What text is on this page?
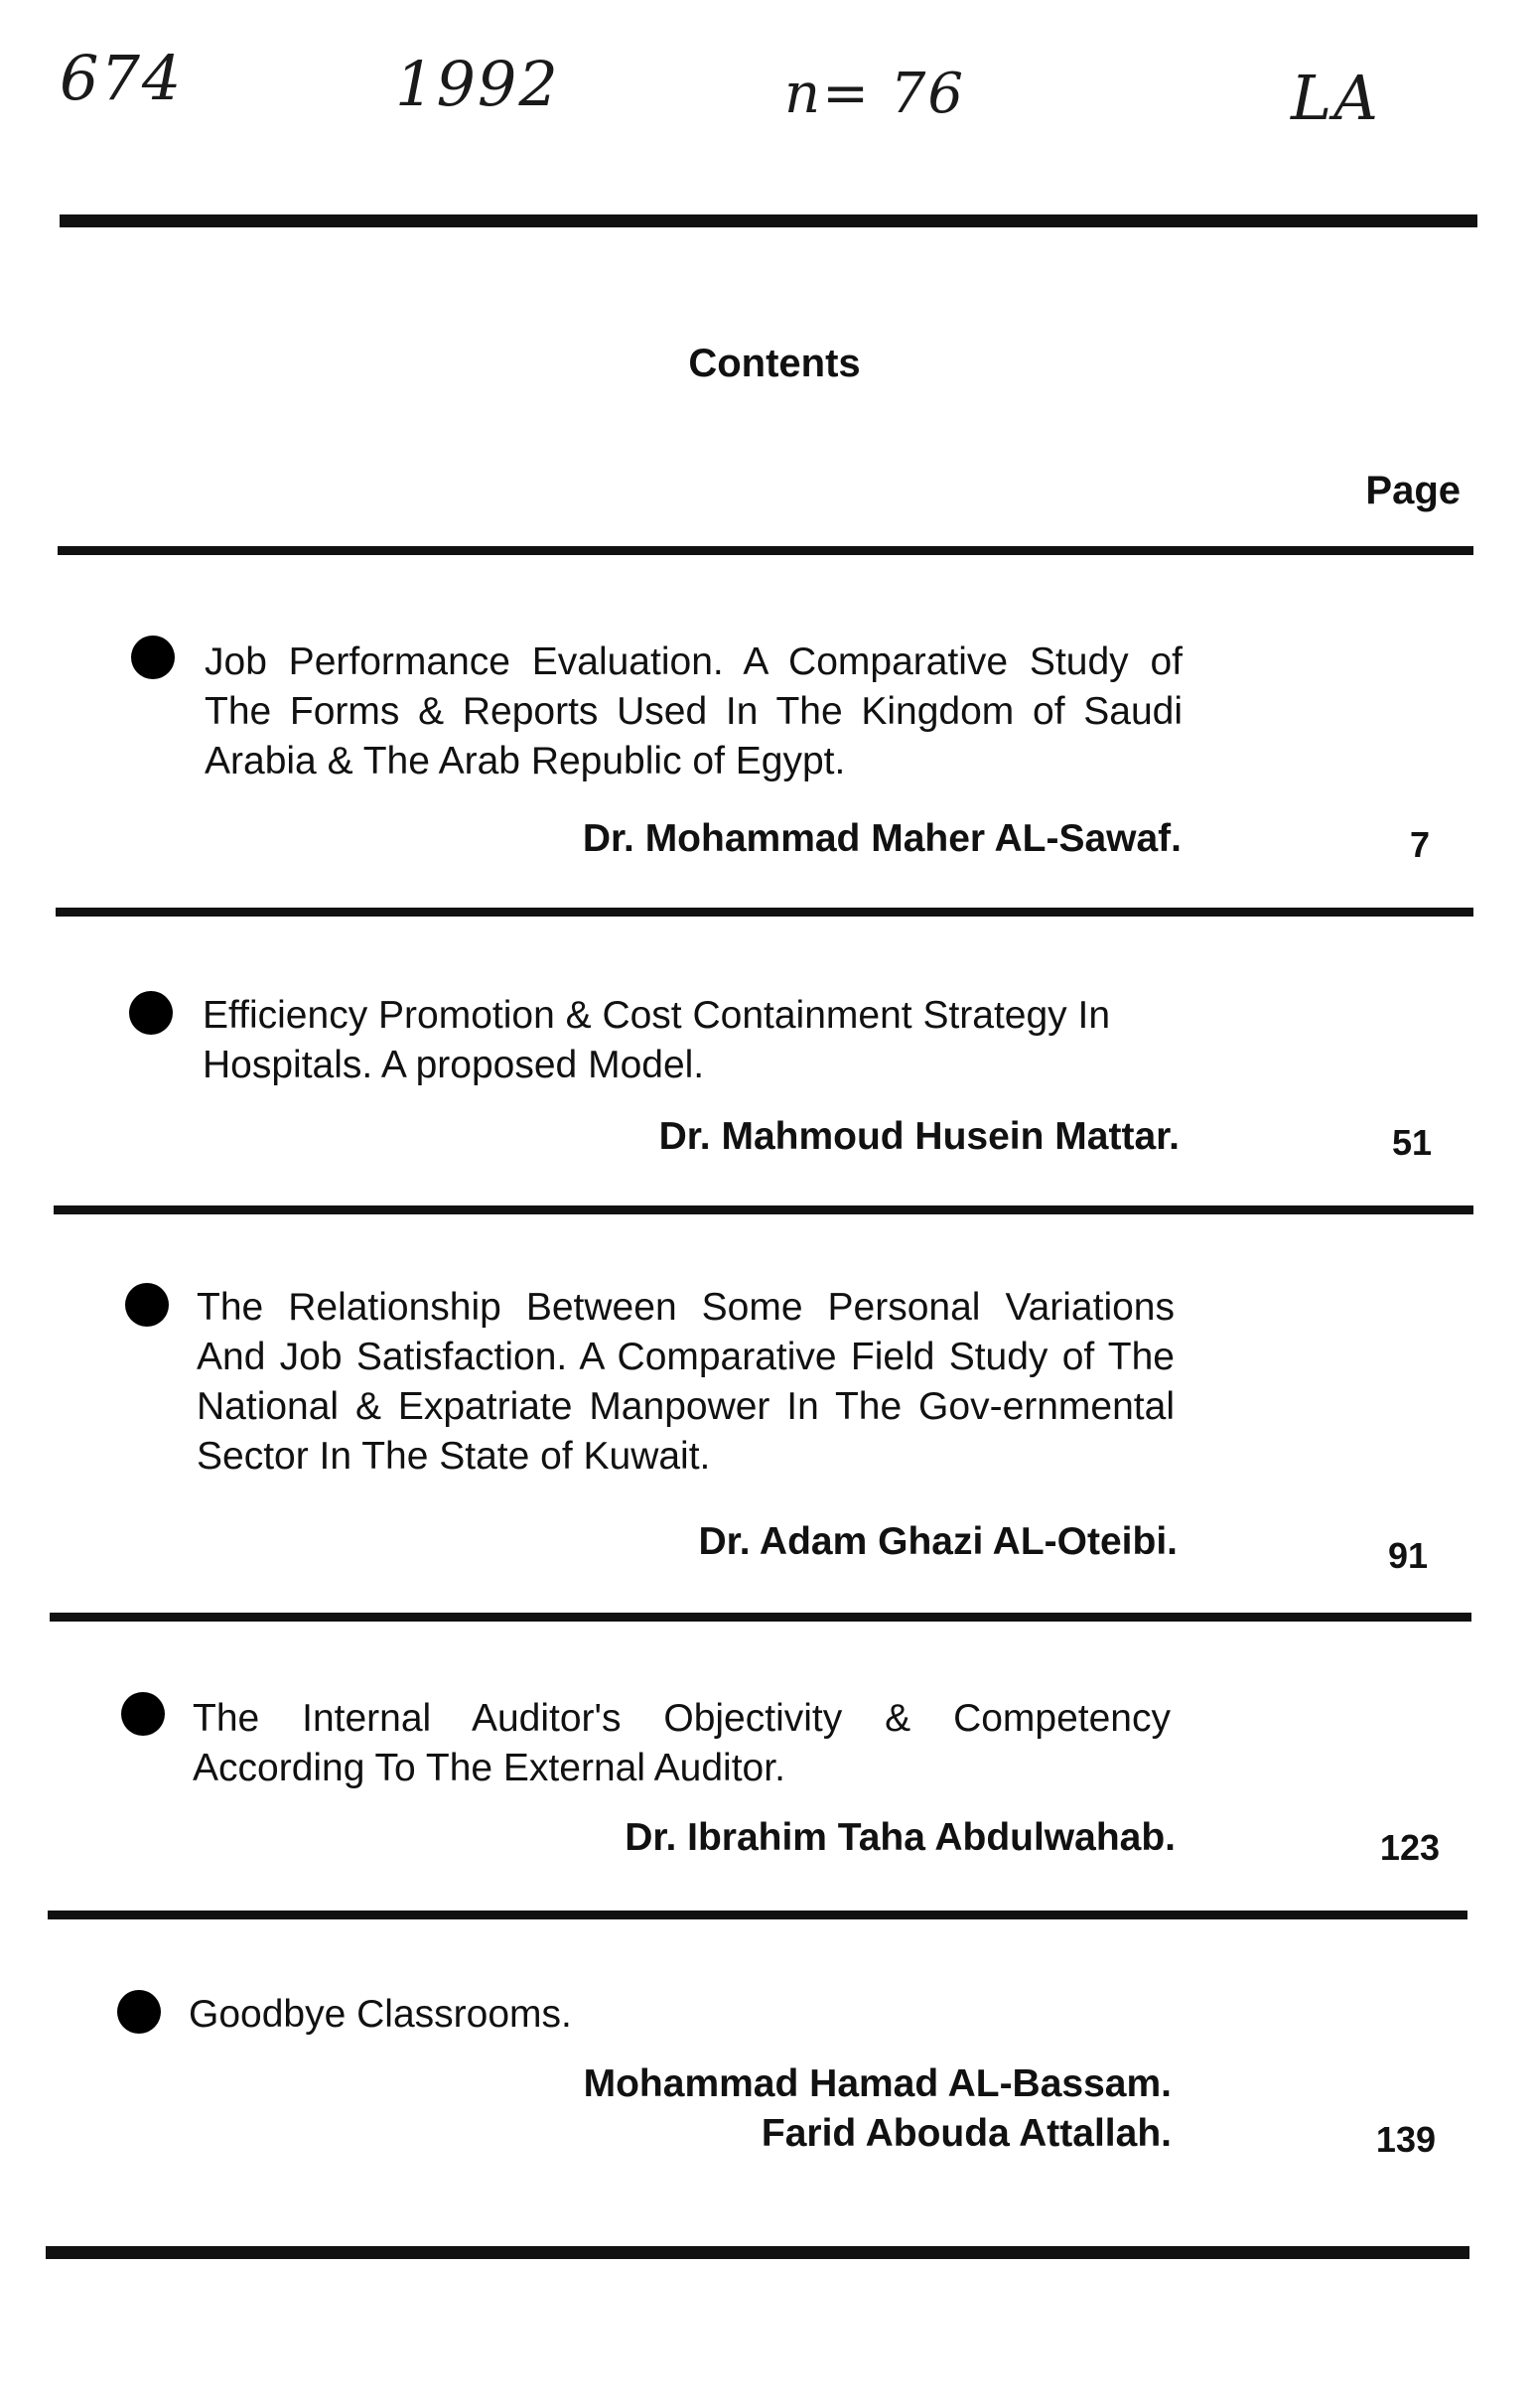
674	1992	n= 76	LA
Contents
Page
Job Performance Evaluation. A Comparative Study of The Forms & Reports Used In The Kingdom of Saudi Arabia & The Arab Republic of Egypt.
Dr. Mohammad Maher AL-Sawaf.	7
Efficiency Promotion & Cost Containment Strategy In Hospitals. A proposed Model.
Dr. Mahmoud Husein Mattar.	51
The Relationship Between Some Personal Variations And Job Satisfaction. A Comparative Field Study of The National & Expatriate Manpower In The Gov-ernmental Sector In The State of Kuwait.
Dr. Adam Ghazi AL-Oteibi.	91
The Internal Auditor's Objectivity & Competency According To The External Auditor.
Dr. Ibrahim Taha Abdulwahab.	123
Goodbye Classrooms.
Mohammad Hamad AL-Bassam.
Farid Abouda Attallah.	139
